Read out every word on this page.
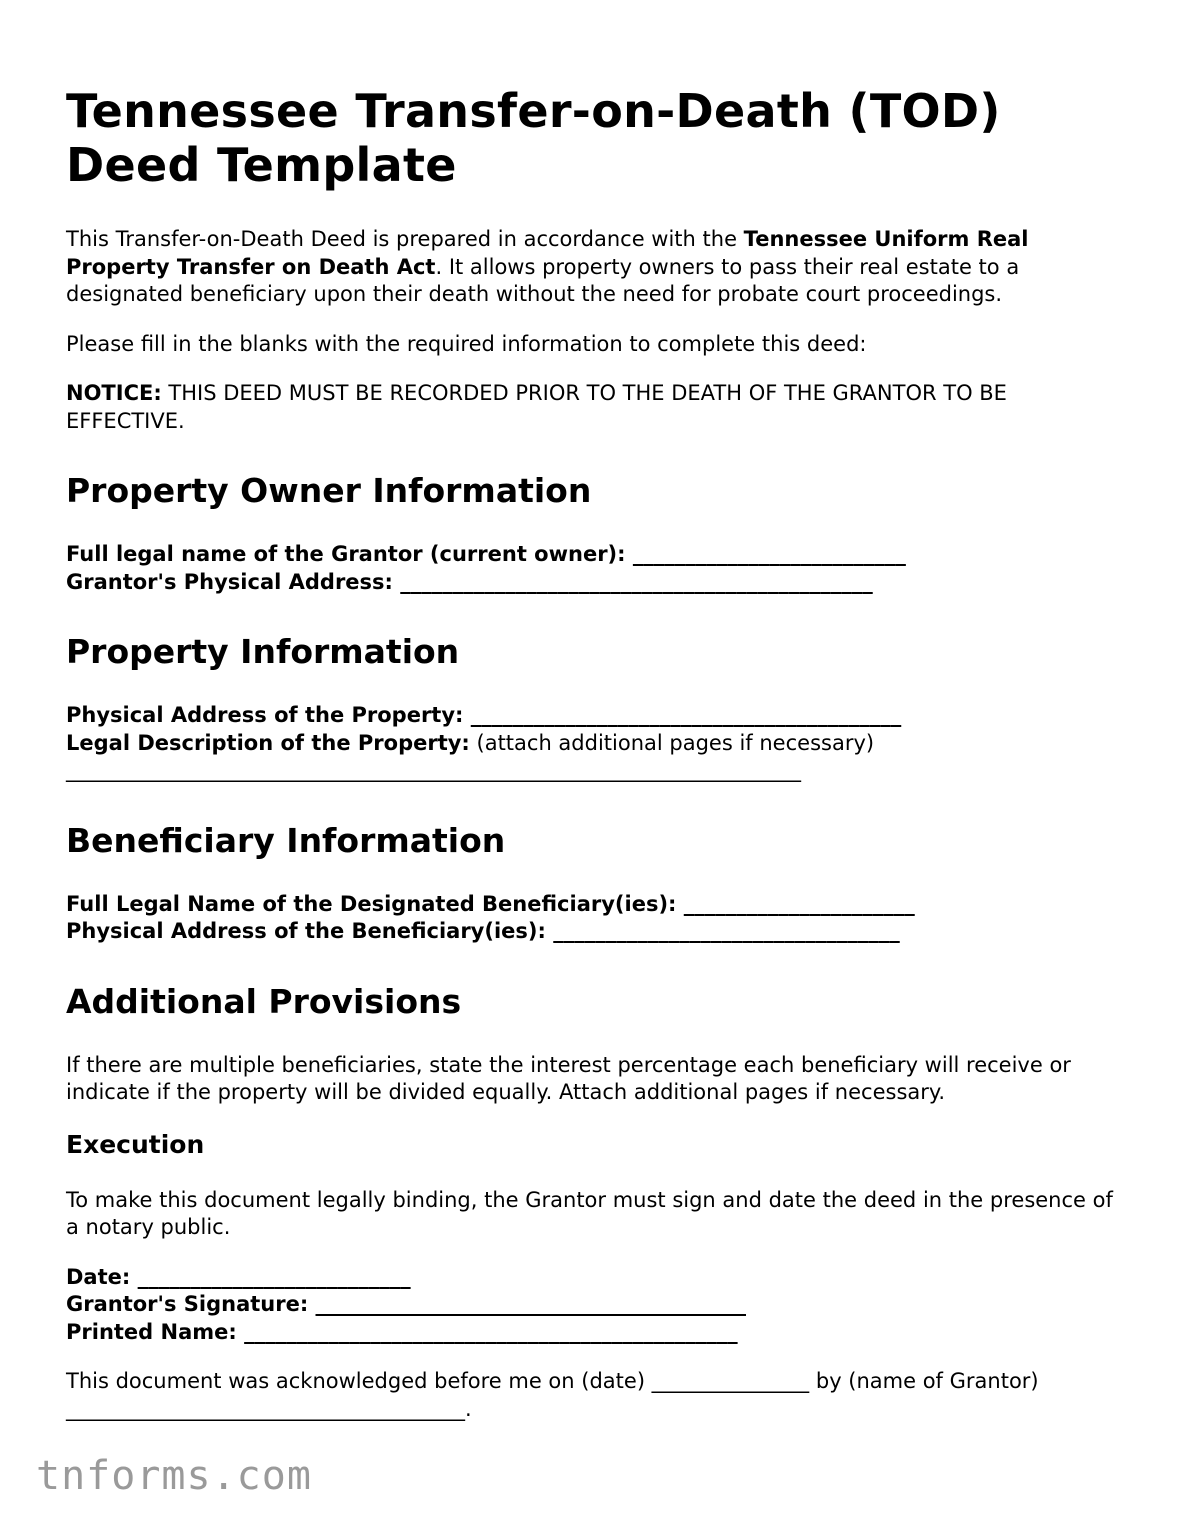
Tennessee Transfer-on-Death (TOD) Deed Template

This Transfer-on-Death Deed is prepared in accordance with the Tennessee Uniform Real Property Transfer on Death Act. It allows property owners to pass their real estate to a designated beneficiary upon their death without the need for probate court proceedings.

Please fill in the blanks with the required information to complete this deed:

NOTICE: THIS DEED MUST BE RECORDED PRIOR TO THE DEATH OF THE GRANTOR TO BE EFFECTIVE.

Property Owner Information
Full legal name of the Grantor (current owner): __________________________
Grantor's Physical Address: _____________________________________________
Property Information
Physical Address of the Property: _________________________________________
Legal Description of the Property: (attach additional pages if necessary)
______________________________________________________________________
Beneficiary Information
Full Legal Name of the Designated Beneficiary(ies): ______________________
Physical Address of the Beneficiary(ies): _________________________________
Additional Provisions

If there are multiple beneficiaries, state the interest percentage each beneficiary will receive or indicate if the property will be divided equally. Attach additional pages if necessary.

Execution

To make this document legally binding, the Grantor must sign and date the deed in the presence of a notary public.

Date: __________________________
Grantor's Signature: _________________________________________
Printed Name: _______________________________________________

This document was acknowledged before me on (date) _______________ by (name of Grantor) ______________________________________.

tnforms.com
